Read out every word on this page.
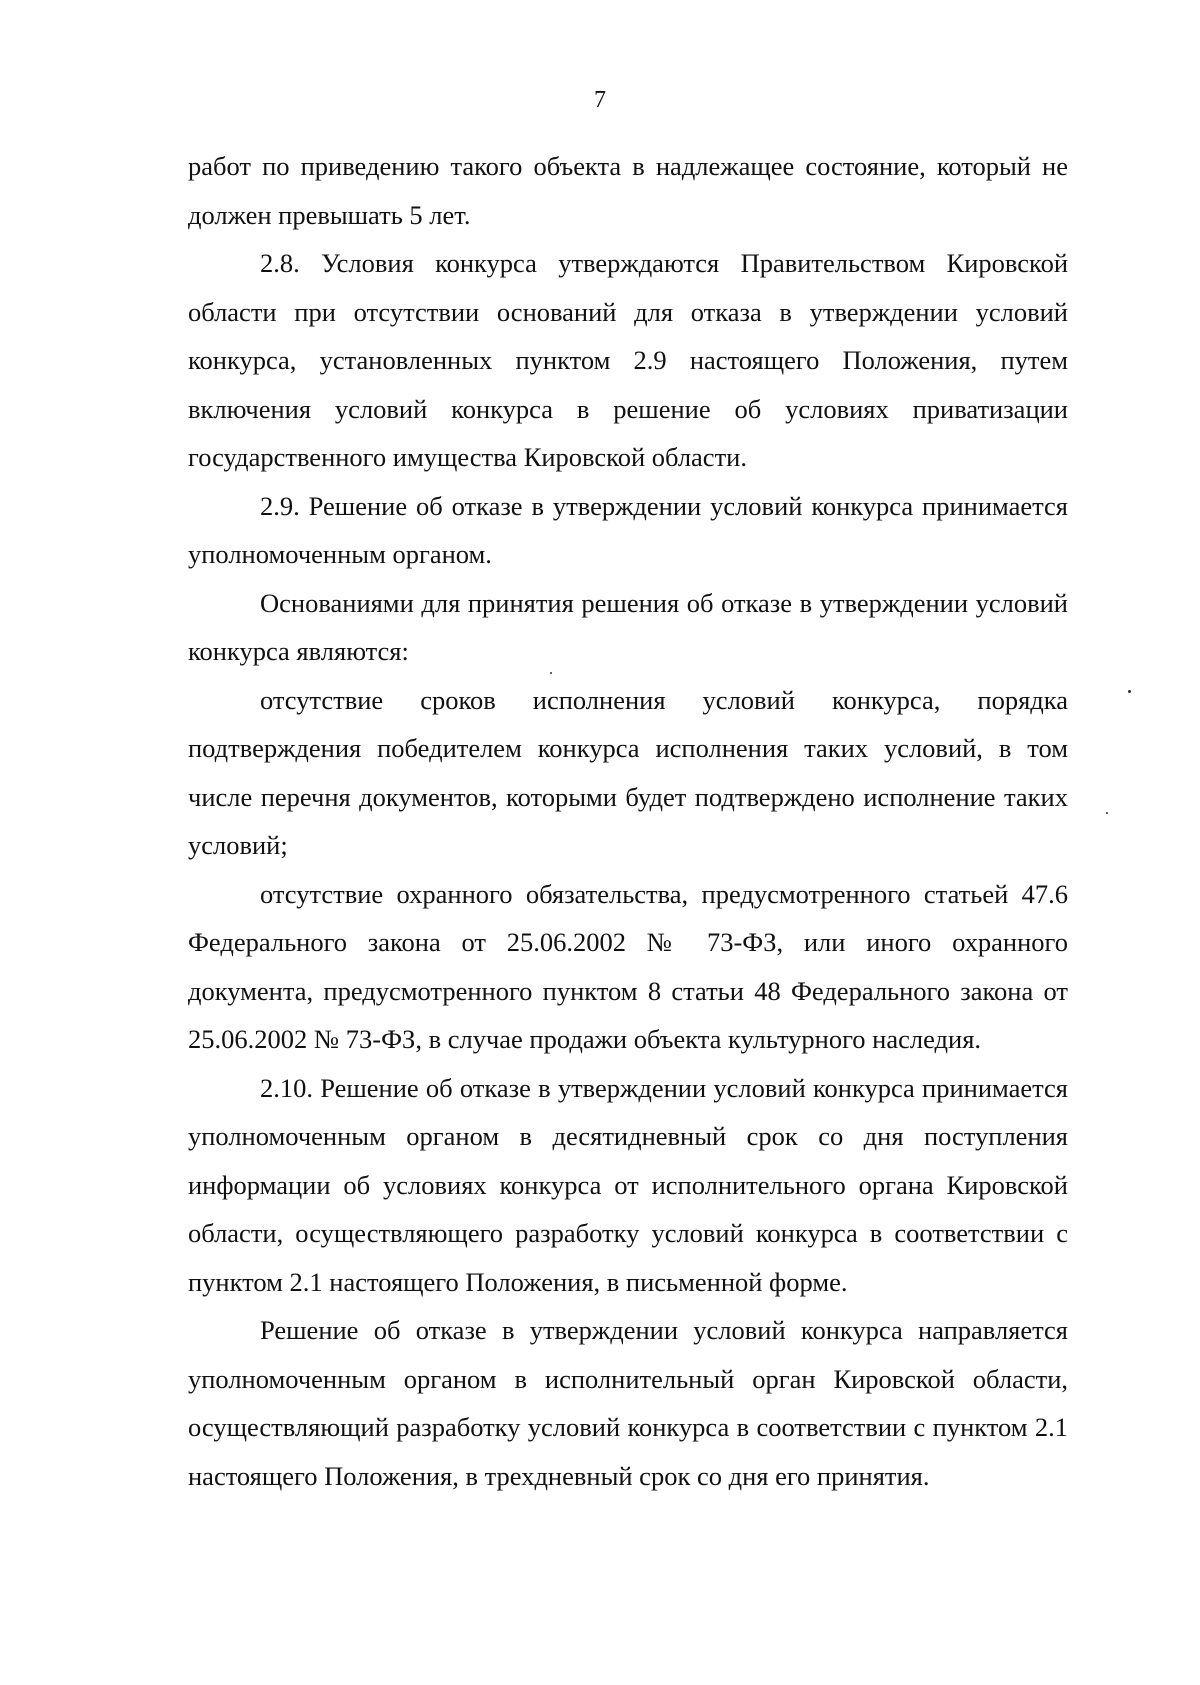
7

работ по приведению такого объекта в надлежащее состояние, который не должен превышать 5 лет.

2.8. Условия конкурса утверждаются Правительством Кировской области при отсутствии оснований для отказа в утверждении условий конкурса, установленных пунктом 2.9 настоящего Положения, путем включения условий конкурса в решение об условиях приватизации государственного имущества Кировской области.

2.9. Решение об отказе в утверждении условий конкурса принимается уполномоченным органом.

Основаниями для принятия решения об отказе в утверждении условий конкурса являются:

отсутствие сроков исполнения условий конкурса, порядка подтверждения победителем конкурса исполнения таких условий, в том числе перечня документов, которыми будет подтверждено исполнение таких условий;

отсутствие охранного обязательства, предусмотренного статьей 47.6 Федерального закона от 25.06.2002 № 73-ФЗ, или иного охранного документа, предусмотренного пунктом 8 статьи 48 Федерального закона от 25.06.2002 № 73-ФЗ, в случае продажи объекта культурного наследия.

2.10. Решение об отказе в утверждении условий конкурса принимается уполномоченным органом в десятидневный срок со дня поступления информации об условиях конкурса от исполнительного органа Кировской области, осуществляющего разработку условий конкурса в соответствии с пунктом 2.1 настоящего Положения, в письменной форме.

Решение об отказе в утверждении условий конкурса направляется уполномоченным органом в исполнительный орган Кировской области, осуществляющий разработку условий конкурса в соответствии с пунктом 2.1 настоящего Положения, в трехдневный срок со дня его принятия.
